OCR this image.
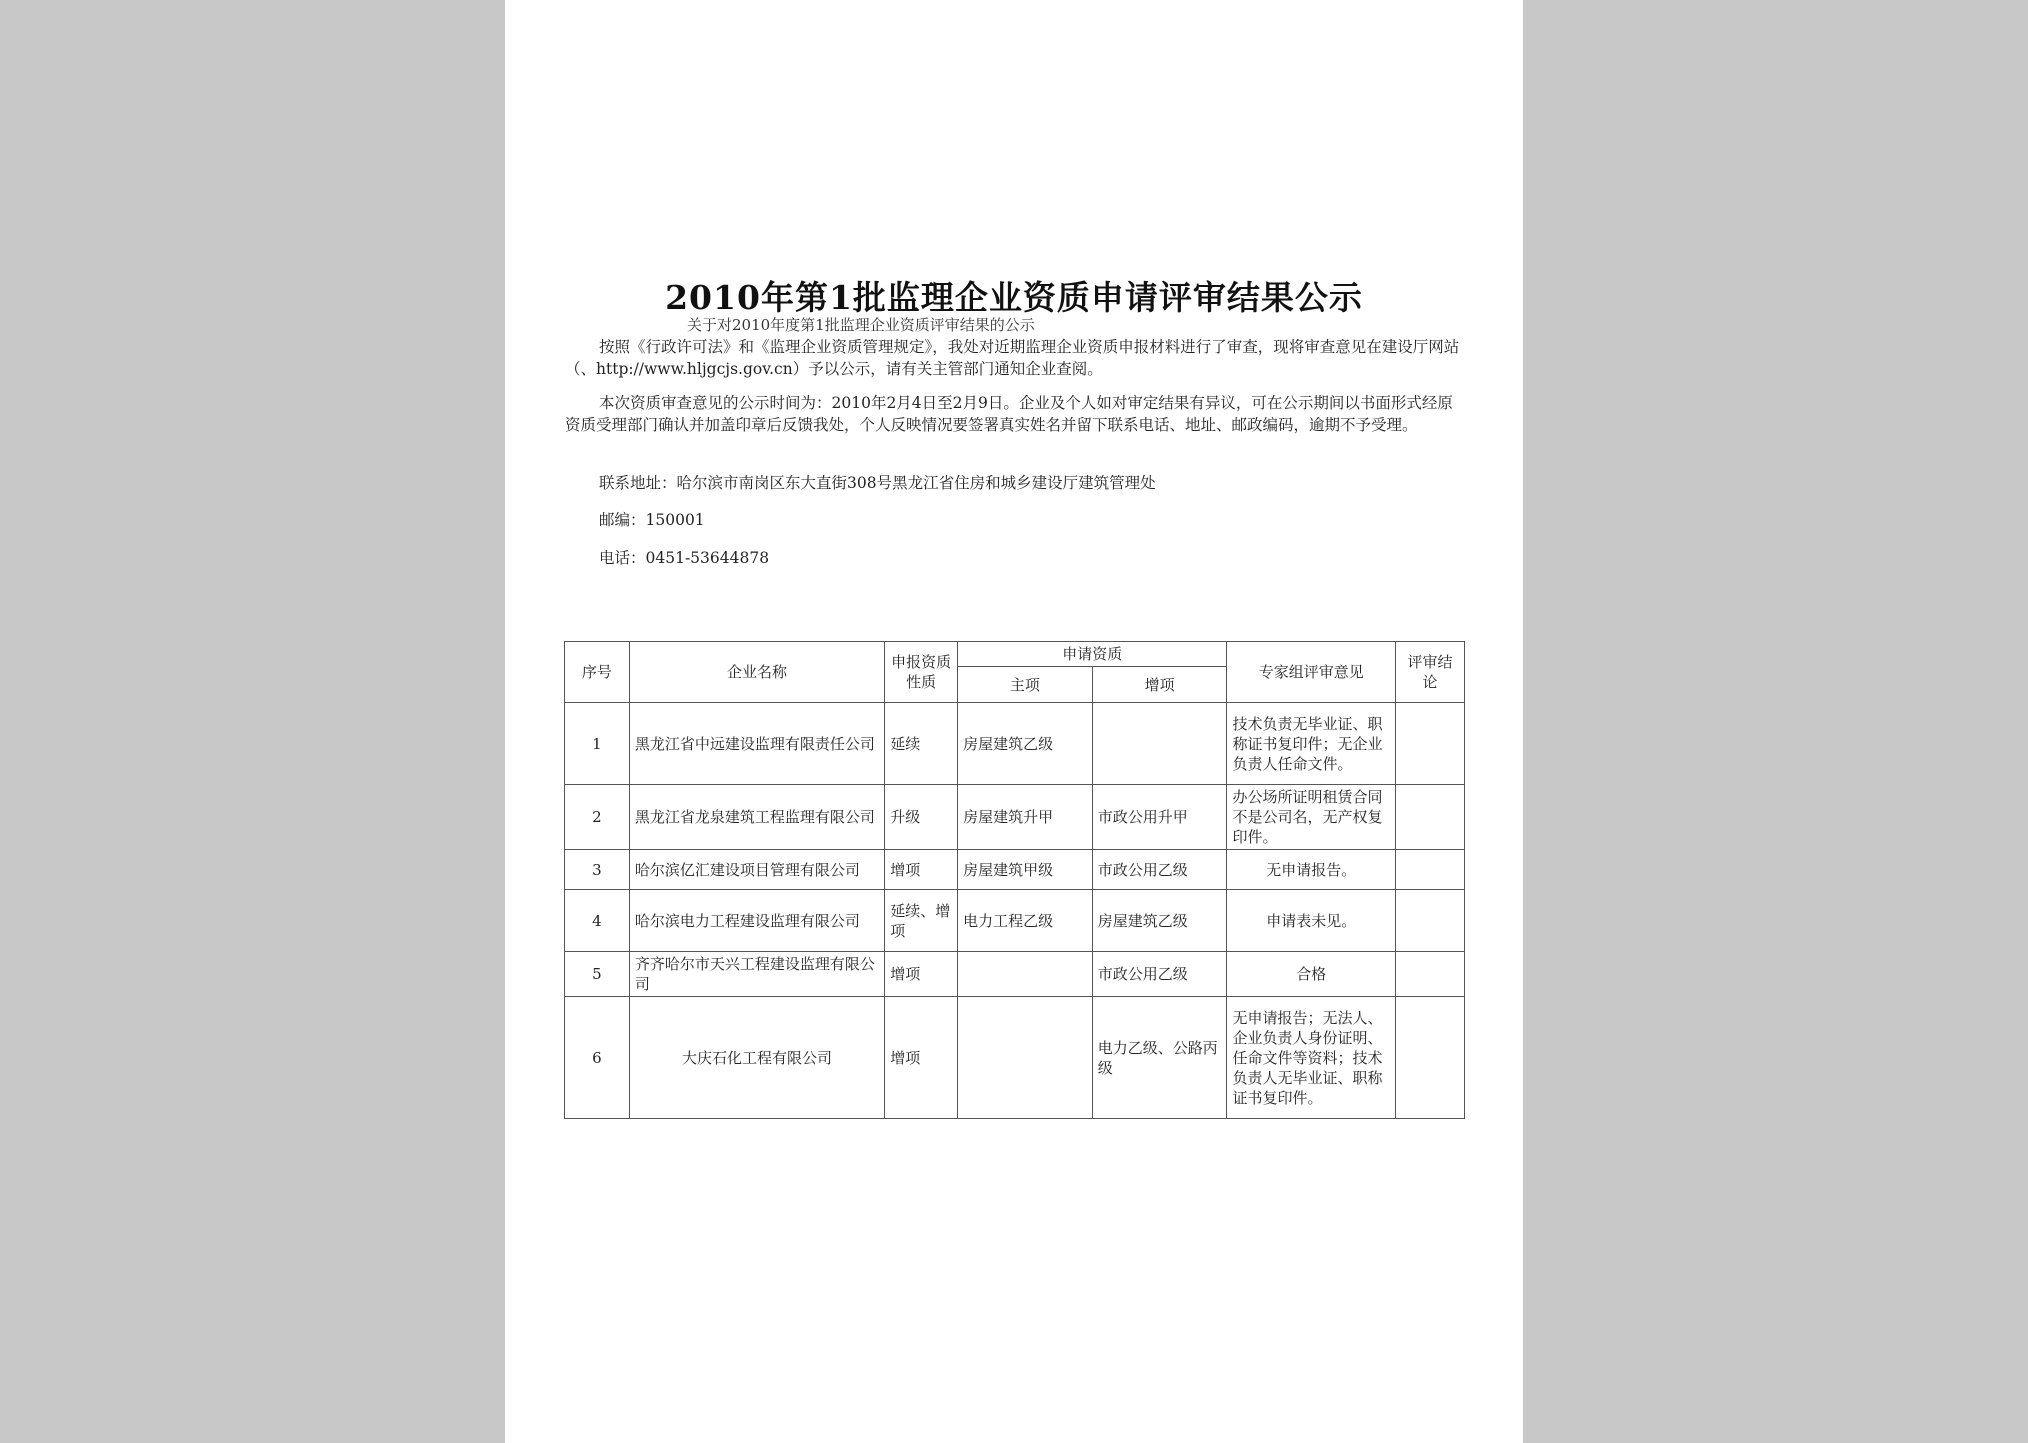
2010年第1批监理企业资质申请评审结果公示
关于对2010年度第1批监理企业资质评审结果的公示
按照《行政许可法》和《监理企业资质管理规定》，我处对近期监理企业资质申报材料进行了审查，现将审查意见在建设厅网站（、http://www.hljgcjs.gov.cn）予以公示，请有关主管部门通知企业查阅。
本次资质审查意见的公示时间为：2010年2月4日至2月9日。企业及个人如对审定结果有异议，可在公示期间以书面形式经原资质受理部门确认并加盖印章后反馈我处，个人反映情况要签署真实姓名并留下联系电话、地址、邮政编码，逾期不予受理。
联系地址：哈尔滨市南岗区东大直街308号黑龙江省住房和城乡建设厅建筑管理处
邮编：150001
电话：0451-53644878
序号	企业名称	申报资质性质	申请资质		专家组评审意见	评审结论
			主项	增项		
1	黑龙江省中远建设监理有限责任公司	延续	房屋建筑乙级		技术负责无毕业证、职称证书复印件；无企业负责人任命文件。	
2	黑龙江省龙泉建筑工程监理有限公司	升级	房屋建筑升甲	市政公用升甲	办公场所证明租赁合同不是公司名，无产权复印件。	
3	哈尔滨亿汇建设项目管理有限公司	增项	房屋建筑甲级	市政公用乙级	无申请报告。	
4	哈尔滨电力工程建设监理有限公司	延续、增项	电力工程乙级	房屋建筑乙级	申请表未见。	
5	齐齐哈尔市天兴工程建设监理有限公司	增项		市政公用乙级	合格	
6	大庆石化工程有限公司	增项		电力乙级、公路丙级	无申请报告；无法人、企业负责人身份证明、任命文件等资料；技术负责人无毕业证、职称证书复印件。	
